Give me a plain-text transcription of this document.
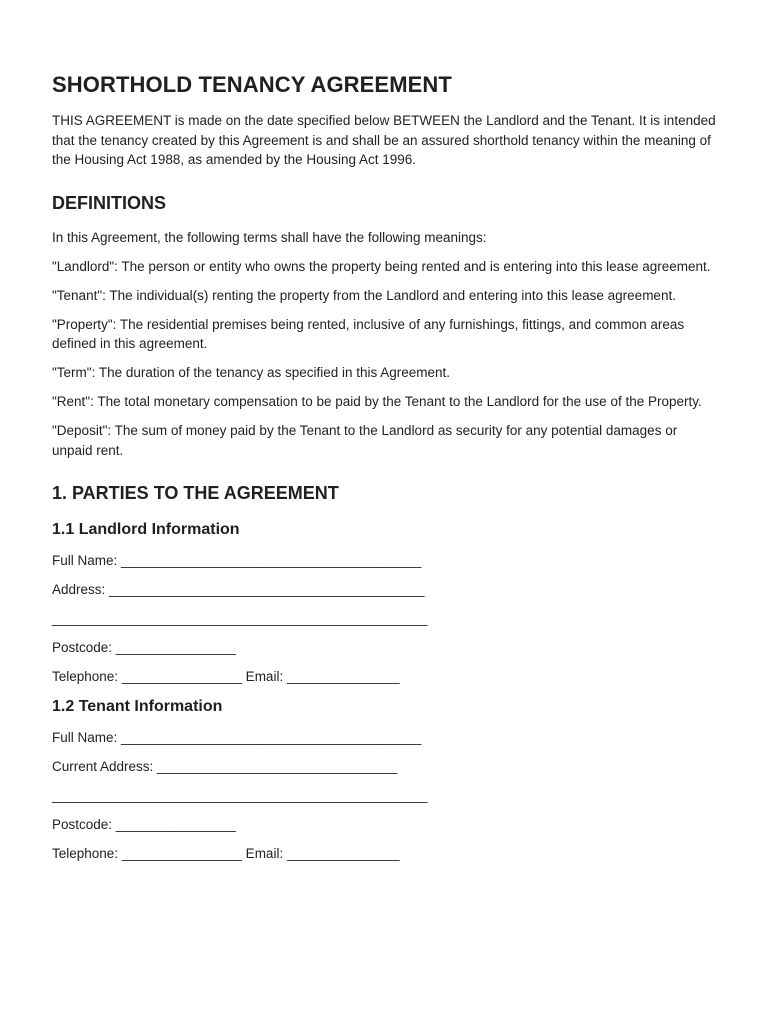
SHORTHOLD TENANCY AGREEMENT

THIS AGREEMENT is made on the date specified below BETWEEN the Landlord and the Tenant. It is intended that the tenancy created by this Agreement is and shall be an assured shorthold tenancy within the meaning of the Housing Act 1988, as amended by the Housing Act 1996.

DEFINITIONS

In this Agreement, the following terms shall have the following meanings:

"Landlord": The person or entity who owns the property being rented and is entering into this lease agreement.

"Tenant": The individual(s) renting the property from the Landlord and entering into this lease agreement.

"Property": The residential premises being rented, inclusive of any furnishings, fittings, and common areas defined in this agreement.

"Term": The duration of the tenancy as specified in this Agreement.

"Rent": The total monetary compensation to be paid by the Tenant to the Landlord for the use of the Property.

"Deposit": The sum of money paid by the Tenant to the Landlord as security for any potential damages or unpaid rent.

1. PARTIES TO THE AGREEMENT
1.1 Landlord Information

Full Name: ________________________________________

Address: __________________________________________

__________________________________________________

Postcode: ________________

Telephone: ________________ Email: _______________

1.2 Tenant Information

Full Name: ________________________________________

Current Address: ________________________________

__________________________________________________

Postcode: ________________

Telephone: ________________ Email: _______________
